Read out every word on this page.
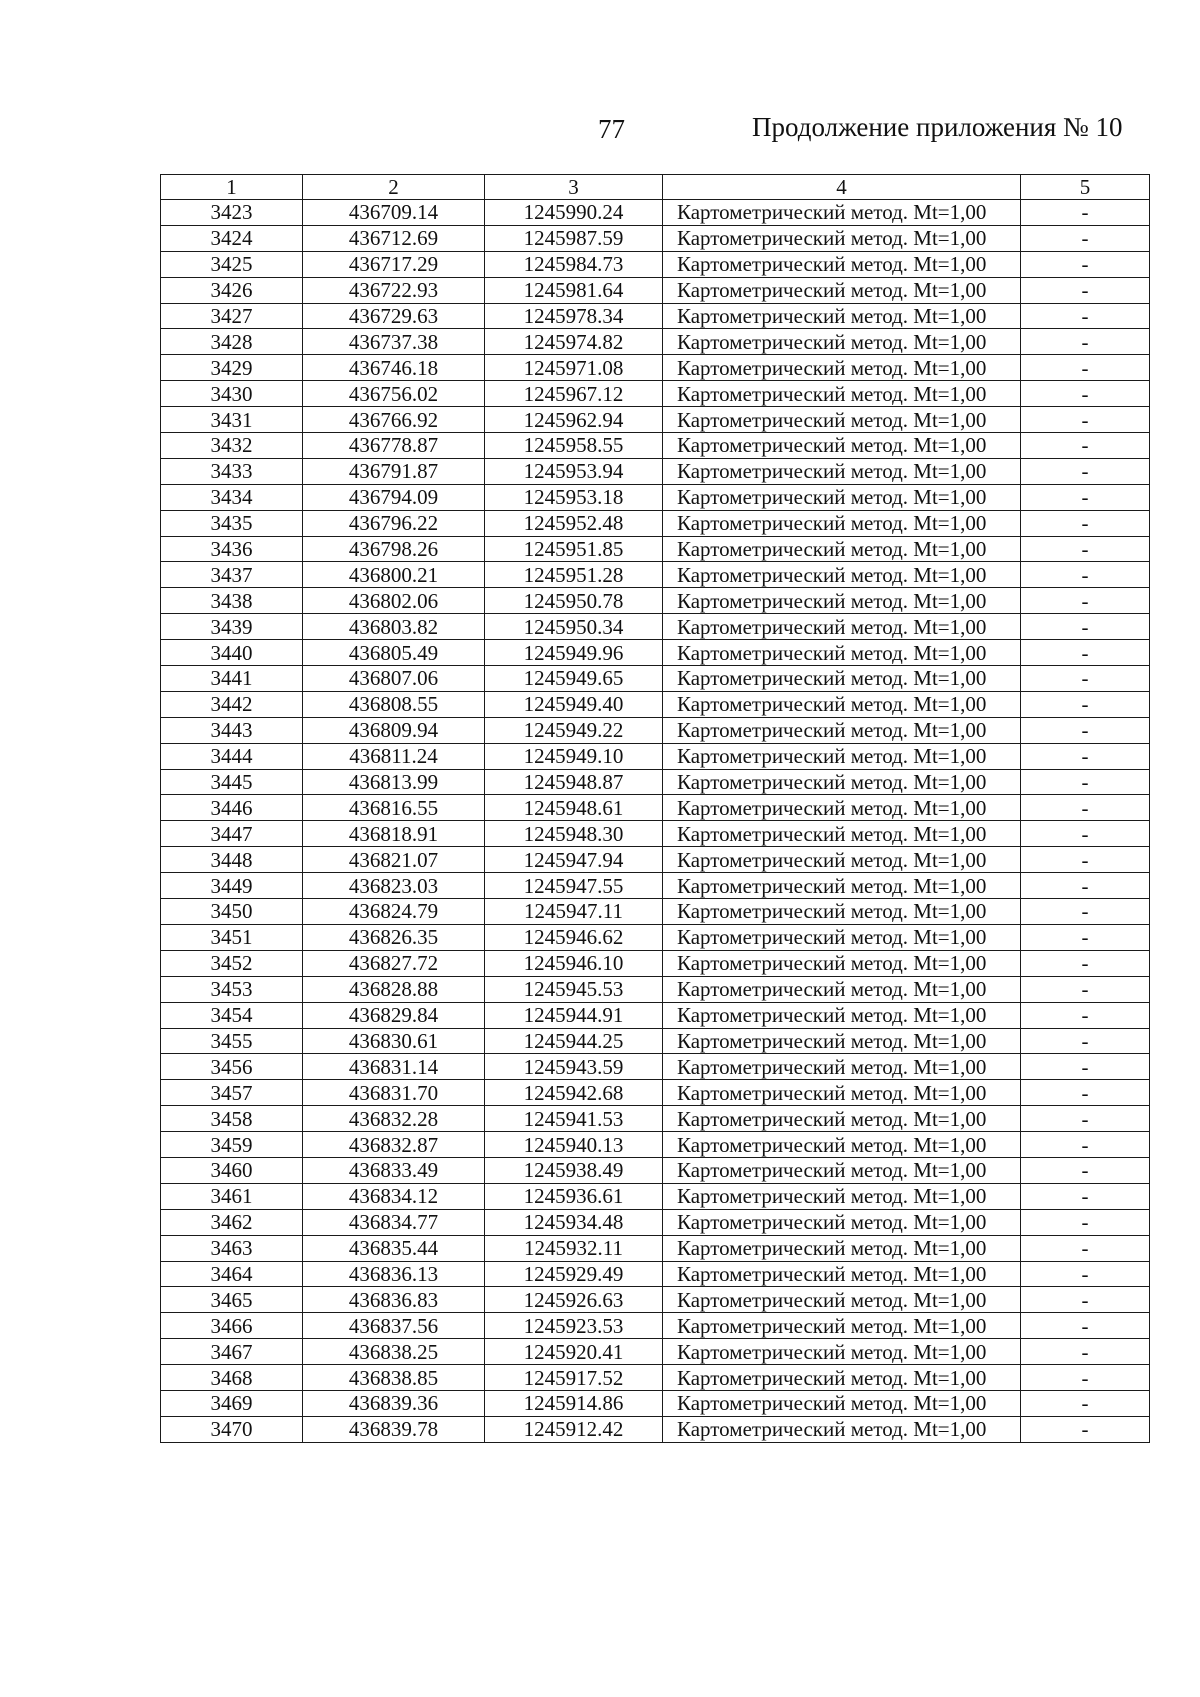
77	Продолжение приложения № 10
1	2	3	4	5
3423	436709.14	1245990.24	Картометрический метод. Mt=1,00	-
3424	436712.69	1245987.59	Картометрический метод. Mt=1,00	-
3425	436717.29	1245984.73	Картометрический метод. Mt=1,00	-
3426	436722.93	1245981.64	Картометрический метод. Mt=1,00	-
3427	436729.63	1245978.34	Картометрический метод. Mt=1,00	-
3428	436737.38	1245974.82	Картометрический метод. Mt=1,00	-
3429	436746.18	1245971.08	Картометрический метод. Mt=1,00	-
3430	436756.02	1245967.12	Картометрический метод. Mt=1,00	-
3431	436766.92	1245962.94	Картометрический метод. Mt=1,00	-
3432	436778.87	1245958.55	Картометрический метод. Mt=1,00	-
3433	436791.87	1245953.94	Картометрический метод. Mt=1,00	-
3434	436794.09	1245953.18	Картометрический метод. Mt=1,00	-
3435	436796.22	1245952.48	Картометрический метод. Mt=1,00	-
3436	436798.26	1245951.85	Картометрический метод. Mt=1,00	-
3437	436800.21	1245951.28	Картометрический метод. Mt=1,00	-
3438	436802.06	1245950.78	Картометрический метод. Mt=1,00	-
3439	436803.82	1245950.34	Картометрический метод. Mt=1,00	-
3440	436805.49	1245949.96	Картометрический метод. Mt=1,00	-
3441	436807.06	1245949.65	Картометрический метод. Mt=1,00	-
3442	436808.55	1245949.40	Картометрический метод. Mt=1,00	-
3443	436809.94	1245949.22	Картометрический метод. Mt=1,00	-
3444	436811.24	1245949.10	Картометрический метод. Mt=1,00	-
3445	436813.99	1245948.87	Картометрический метод. Mt=1,00	-
3446	436816.55	1245948.61	Картометрический метод. Mt=1,00	-
3447	436818.91	1245948.30	Картометрический метод. Mt=1,00	-
3448	436821.07	1245947.94	Картометрический метод. Mt=1,00	-
3449	436823.03	1245947.55	Картометрический метод. Mt=1,00	-
3450	436824.79	1245947.11	Картометрический метод. Mt=1,00	-
3451	436826.35	1245946.62	Картометрический метод. Mt=1,00	-
3452	436827.72	1245946.10	Картометрический метод. Mt=1,00	-
3453	436828.88	1245945.53	Картометрический метод. Mt=1,00	-
3454	436829.84	1245944.91	Картометрический метод. Mt=1,00	-
3455	436830.61	1245944.25	Картометрический метод. Mt=1,00	-
3456	436831.14	1245943.59	Картометрический метод. Mt=1,00	-
3457	436831.70	1245942.68	Картометрический метод. Mt=1,00	-
3458	436832.28	1245941.53	Картометрический метод. Mt=1,00	-
3459	436832.87	1245940.13	Картометрический метод. Mt=1,00	-
3460	436833.49	1245938.49	Картометрический метод. Mt=1,00	-
3461	436834.12	1245936.61	Картометрический метод. Mt=1,00	-
3462	436834.77	1245934.48	Картометрический метод. Mt=1,00	-
3463	436835.44	1245932.11	Картометрический метод. Mt=1,00	-
3464	436836.13	1245929.49	Картометрический метод. Mt=1,00	-
3465	436836.83	1245926.63	Картометрический метод. Mt=1,00	-
3466	436837.56	1245923.53	Картометрический метод. Mt=1,00	-
3467	436838.25	1245920.41	Картометрический метод. Mt=1,00	-
3468	436838.85	1245917.52	Картометрический метод. Mt=1,00	-
3469	436839.36	1245914.86	Картометрический метод. Mt=1,00	-
3470	436839.78	1245912.42	Картометрический метод. Mt=1,00	-
